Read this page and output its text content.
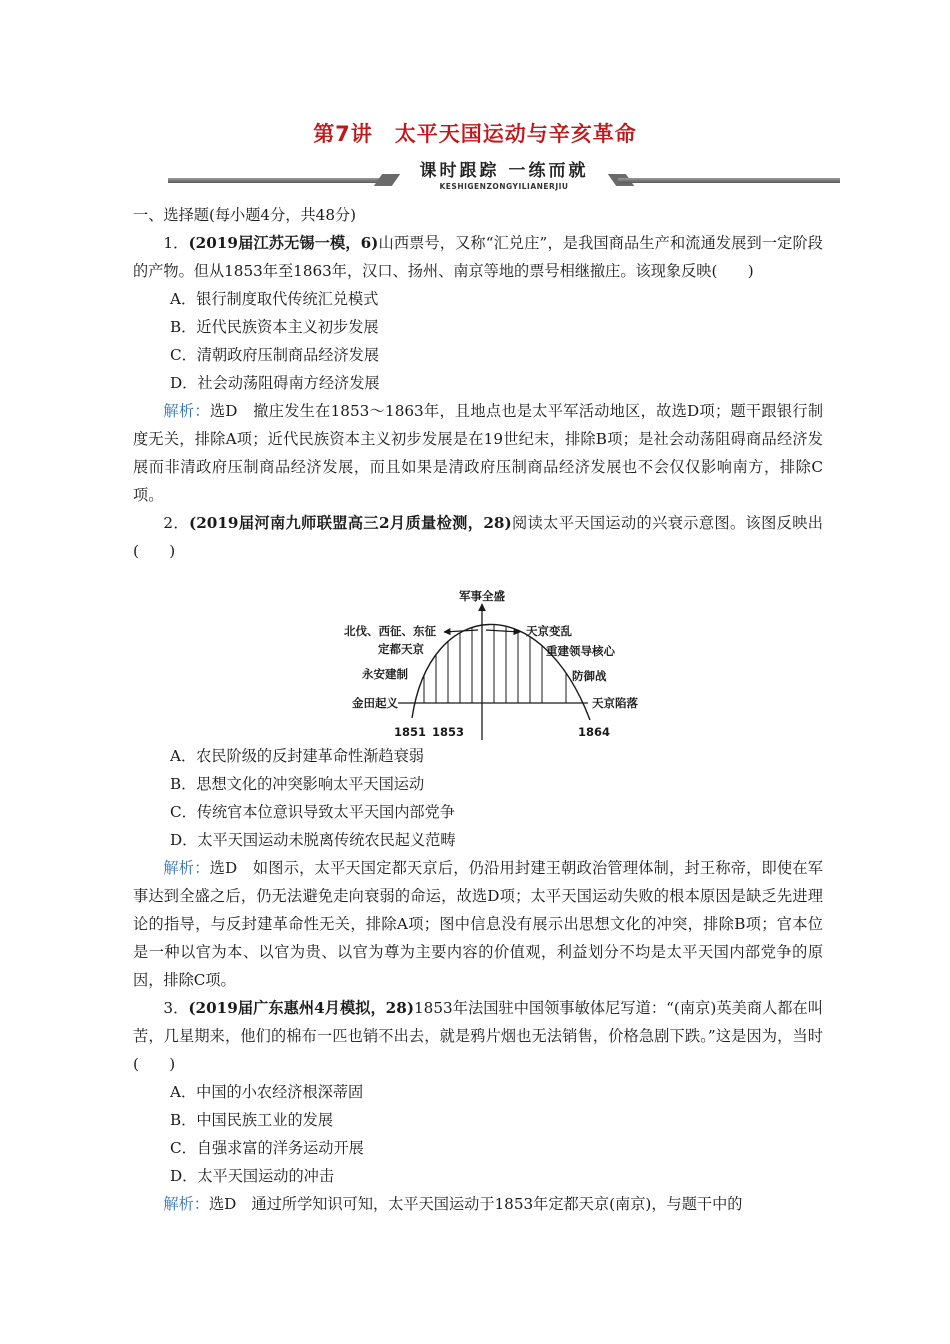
第7讲　太平天国运动与辛亥革命
课时跟踪 一练而就
KESHIGENZONGYILIANERJIU

一、选择题(每小题4分，共48分)

1．(2019届江苏无锡一模，6)山西票号，又称“汇兑庄”，是我国商品生产和流通发展到一定阶段的产物。但从1853年至1863年，汉口、扬州、南京等地的票号相继撤庄。该现象反映(　　)

A．银行制度取代传统汇兑模式

B．近代民族资本主义初步发展

C．清朝政府压制商品经济发展

D．社会动荡阻碍南方经济发展

解析：选D　撤庄发生在1853～1863年，且地点也是太平军活动地区，故选D项；题干跟银行制度无关，排除A项；近代民族资本主义初步发展是在19世纪末，排除B项；是社会动荡阻碍商品经济发展而非清政府压制商品经济发展，而且如果是清政府压制商品经济发展也不会仅仅影响南方，排除C项。

2．(2019届河南九师联盟高三2月质量检测，28)阅读太平天国运动的兴衰示意图。该图反映出(　　)

军事全盛
北伐、西征、东征
定都天京
永安建制
金田起义
天京变乱
重建领导核心
防御战
天京陷落
1851 1853	1864

A．农民阶级的反封建革命性渐趋衰弱

B．思想文化的冲突影响太平天国运动

C．传统官本位意识导致太平天国内部党争

D．太平天国运动未脱离传统农民起义范畴

解析：选D　如图示，太平天国定都天京后，仍沿用封建王朝政治管理体制，封王称帝，即使在军事达到全盛之后，仍无法避免走向衰弱的命运，故选D项；太平天国运动失败的根本原因是缺乏先进理论的指导，与反封建革命性无关，排除A项；图中信息没有展示出思想文化的冲突，排除B项；官本位是一种以官为本、以官为贵、以官为尊为主要内容的价值观，利益划分不均是太平天国内部党争的原因，排除C项。

3．(2019届广东惠州4月模拟，28)1853年法国驻中国领事敏体尼写道：“(南京)英美商人都在叫苦，几星期来，他们的棉布一匹也销不出去，就是鸦片烟也无法销售，价格急剧下跌。”这是因为，当时(　　)

A．中国的小农经济根深蒂固

B．中国民族工业的发展

C．自强求富的洋务运动开展

D．太平天国运动的冲击

解析：选D　通过所学知识可知，太平天国运动于1853年定都天京(南京)，与题干中的
